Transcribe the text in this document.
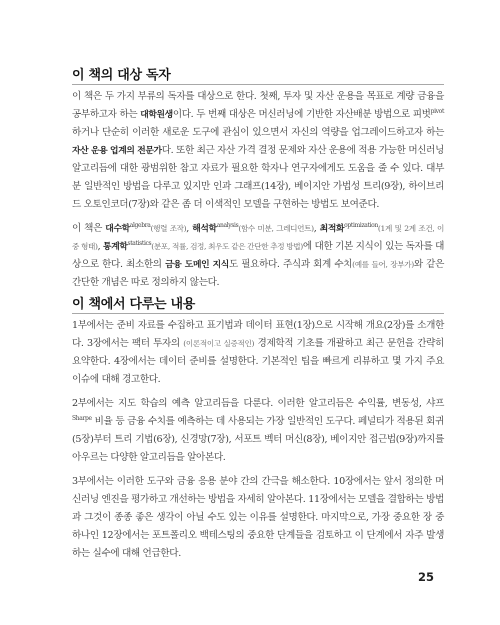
이 책의 대상 독자

이 책은 두 가지 부류의 독자를 대상으로 한다. 첫째, 투자 및 자산 운용을 목표로 계량 금융을 공부하고자 하는 대학원생이다. 두 번째 대상은 머신러닝에 기반한 자산배분 방법으로 피벗$^{pivot}$하거나 단순히 이러한 새로운 도구에 관심이 있으면서 자신의 역량을 업그레이드하고자 하는 자산 운용 업계의 전문가다. 또한 최근 자산 가격 결정 문제와 자산 운용에 적용 가능한 머신러닝 알고리듬에 대한 광범위한 참고 자료가 필요한 학자나 연구자에게도 도움을 줄 수 있다. 대부분 일반적인 방법을 다루고 있지만 인과 그래프(14장), 베이지안 가법성 트리(9장), 하이브리드 오토인코더(7장)와 같은 좀 더 이색적인 모델을 구현하는 방법도 보여준다.

이 책은 대수학$^{algebra}$(행렬 조작), 해석학$^{analysis}$(함수 미분, 그레디언트), 최적화$^{optimization}$(1계 및 2계 조건, 이중 형태), 통계학$^{statistics}$(분포, 적률, 검정, 최우도 같은 간단한 추정 방법)에 대한 기본 지식이 있는 독자를 대상으로 한다. 최소한의 금융 도메인 지식도 필요하다. 주식과 회계 수치(예를 들어, 장부가)와 같은 간단한 개념은 따로 정의하지 않는다.

이 책에서 다루는 내용

1부에서는 준비 자료를 수집하고 표기법과 데이터 표현(1장)으로 시작해 개요(2장)를 소개한다. 3장에서는 팩터 투자의 (이론적이고 실증적인) 경제학적 기초를 개괄하고 최근 문헌을 간략히 요약한다. 4장에서는 데이터 준비를 설명한다. 기본적인 팁을 빠르게 리뷰하고 몇 가지 주요 이슈에 대해 경고한다.

2부에서는 지도 학습의 예측 알고리듬을 다룬다. 이러한 알고리듬은 수익률, 변동성, 샤프$^{Sharpe}$ 비율 등 금융 수치를 예측하는 데 사용되는 가장 일반적인 도구다. 페널티가 적용된 회귀(5장)부터 트리 기법(6장), 신경망(7장), 서포트 벡터 머신(8장), 베이지안 접근법(9장)까지를 아우르는 다양한 알고리듬을 알아본다.

3부에서는 이러한 도구와 금융 응용 분야 간의 간극을 해소한다. 10장에서는 앞서 정의한 머신러닝 엔진을 평가하고 개선하는 방법을 자세히 알아본다. 11장에서는 모델을 결합하는 방법과 그것이 종종 좋은 생각이 아닐 수도 있는 이유를 설명한다. 마지막으로, 가장 중요한 장 중 하나인 12장에서는 포트폴리오 백테스팅의 중요한 단계들을 검토하고 이 단계에서 자주 발생하는 실수에 대해 언급한다.

25
